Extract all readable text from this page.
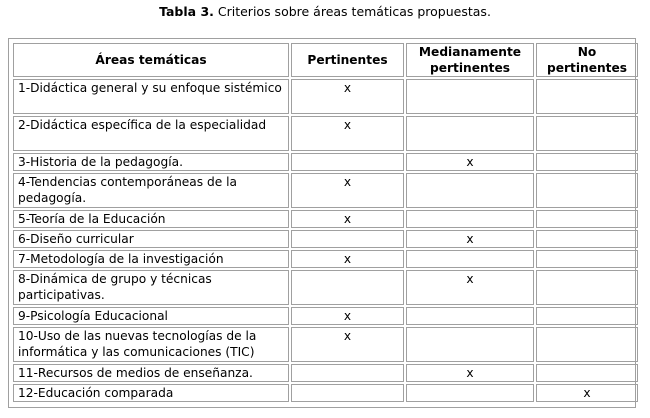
Tabla 3. Criterios sobre áreas temáticas propuestas.
Áreas temáticas	Pertinentes	Medianamente pertinentes	No pertinentes
1-Didáctica general y su enfoque sistémico	x		
2-Didáctica específica de la especialidad	x		
3-Historia de la pedagogía.		x	
4-Tendencias contemporáneas de la pedagogía.	x		
5-Teoría de la Educación	x		
6-Diseño curricular		x	
7-Metodología de la investigación	x		
8-Dinámica de grupo y técnicas participativas.		x	
9-Psicología Educacional	x		
10-Uso de las nuevas tecnologías de la informática y las comunicaciones (TIC)	x		
11-Recursos de medios de enseñanza.		x	
12-Educación comparada			x
